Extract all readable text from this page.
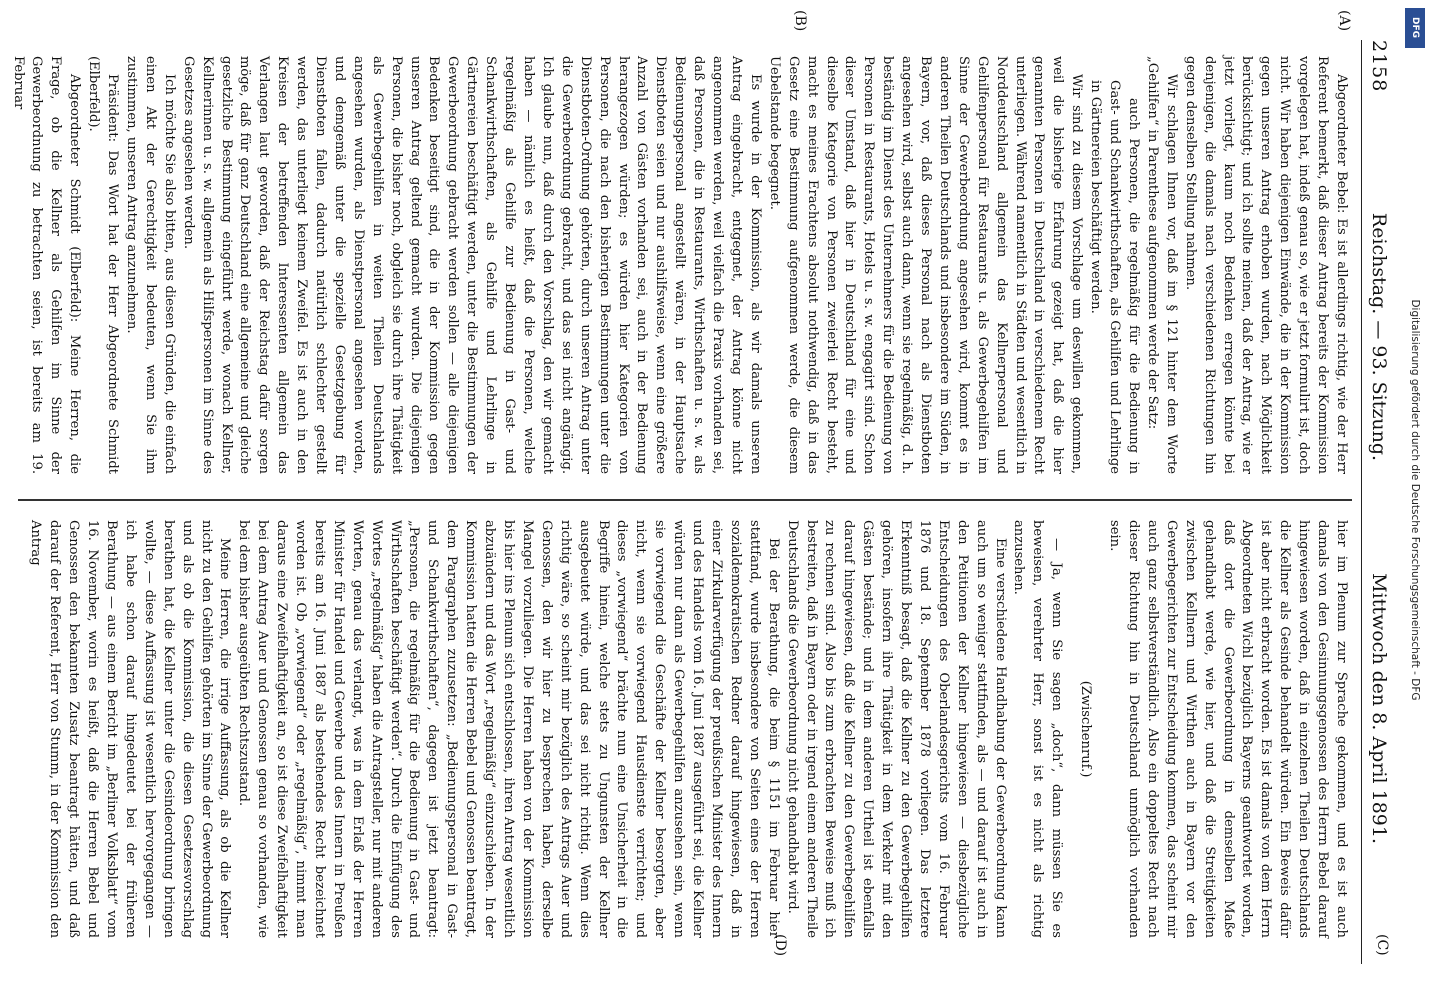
2158
Reichstag. — 93. Sitzung.
Mittwoch den 8. April 1891.
(A)
(B)
(C)
(D)

Abgeordneter Bebel: Es ist allerdings richtig, wie der Herr Referent bemerkt, daß dieser Antrag bereits der Kommission vorgelegen hat, indeß genau so, wie er jetzt formulirt ist, doch nicht. Wir haben diejenigen Einwände, die in der Kommission gegen unseren Antrag erhoben wurden, nach Möglichkeit berücksichtigt; und ich sollte meinen, daß der Antrag, wie er jetzt vorliegt, kaum noch Bedenken erregen könnte bei denjenigen, die damals nach verschiedenen Richtungen hin gegen denselben Stellung nahmen.

Wir schlagen Ihnen vor, daß im § 121 hinter dem Worte „Gehilfen“ in Parenthese aufgenommen werde der Satz:

auch Personen, die regelmäßig für die Bedienung in Gast- und Schankwirthschaften, als Gehilfen und Lehrlinge in Gärtnereien beschäftigt werden.

Wir sind zu diesem Vorschlage um deswillen gekommen, weil die bisherige Erfahrung gezeigt hat, daß die hier genannten Personen in Deutschland in verschiedenem Recht unterliegen. Während namentlich in Städten und wesentlich in Norddeutschland allgemein das Kellnerpersonal und Gehilfenpersonal für Restaurants u. als Gewerbegehilfen im Sinne der Gewerbeordnung angesehen wird, kommt es in anderen Theilen Deutschlands und insbesondere im Süden, in Bayern, vor, daß dieses Personal nach als Dienstboten angesehen wird, selbst auch dann, wenn sie regelmäßig, d. h. beständig im Dienst des Unternehmers für die Bedienung von Personen in Restaurants, Hotels u. s. w. engagirt sind. Schon dieser Umstand, daß hier in Deutschland für eine und dieselbe Kategorie von Personen zweierlei Recht besteht, macht es meines Erachtens absolut nothwendig, daß in das Gesetz eine Bestimmung aufgenommen werde, die diesem Uebelstande begegnet.

Es wurde in der Kommission, als wir damals unseren Antrag eingebracht, entgegnet, der Antrag könne nicht angenommen werden, weil vielfach die Praxis vorhanden sei, daß Personen, die in Restaurants, Wirthschaften u. s. w. als Bedienungspersonal angestellt wären, in der Hauptsache Dienstboten seien und nur aushilfsweise, wenn eine größere Anzahl von Gästen vorhanden sei, auch in der Bedienung herangezogen würden; es würden hier Kategorien von Personen, die nach den bisherigen Bestimmungen unter die Dienstboten-Ordnung gehörten, durch unseren Antrag unter die Gewerbeordnung gebracht, und das sei nicht angängig. Ich glaube nun, daß durch den Vorschlag, den wir gemacht haben — nämlich es heißt, daß die Personen, welche regelmäßig als Gehilfe zur Bedienung in Gast- und Schankwirthschaften, als Gehilfe und Lehrlinge in Gärtnereien beschäftigt werden, unter die Bestimmungen der Gewerbeordnung gebracht werden sollen — alle diejenigen Bedenken beseitigt sind, die in der Kommission gegen unseren Antrag geltend gemacht wurden. Die diejenigen Personen, die bisher noch, obgleich sie durch ihre Thätigkeit als Gewerbegehilfen in weiten Theilen Deutschlands angesehen wurden, als Dienstpersonal angesehen worden, und demgemäß unter die spezielle Gesetzgebung für Dienstboten fallen, dadurch natürlich schlechter gestellt werden, das unterliegt keinem Zweifel. Es ist auch in den Kreisen der betreffenden Interessenten allgemein das Verlangen laut geworden, daß der Reichstag dafür sorgen möge, daß für ganz Deutschland eine allgemeine und gleiche gesetzliche Bestimmung eingeführt werde, wonach Kellner, Kellnerinnen u. s. w. allgemein als Hilfspersonen im Sinne des Gesetzes angesehen werden.

Ich möchte Sie also bitten, aus diesen Gründen, die einfach einen Akt der Gerechtigkeit bedeuten, wenn Sie ihm zustimmen, unseren Antrag anzunehmen.

Präsident: Das Wort hat der Herr Abgeordnete Schmidt (Elberfeld).

Abgeordneter Schmidt (Elberfeld): Meine Herren, die Frage, ob die Kellner als Gehilfen im Sinne der Gewerbeordnung zu betrachten seien, ist bereits am 19. Februar

hier im Plenum zur Sprache gekommen, und es ist auch damals von den Gesinnungsgenossen des Herrn Bebel darauf hingewiesen worden, daß in einzelnen Theilen Deutschlands die Kellner als Gesinde behandelt würden. Ein Beweis dafür ist aber nicht erbracht worden. Es ist damals von dem Herrn Abgeordneten Wichl bezüglich Bayerns geantwortet worden, daß dort die Gewerbeordnung in demselben Maße gehandhabt werde, wie hier, und daß die Streitigkeiten zwischen Kellnern und Wirthen auch in Bayern vor den Gewerbegerichten zur Entscheidung kommen, das scheint mir auch ganz selbstverständlich. Also ein doppeltes Recht nach dieser Richtung hin in Deutschland unmöglich vorhanden sein.

(Zwischenruf.)

— Ja, wenn Sie sagen „doch“, dann müssen Sie es beweisen, verehrter Herr, sonst ist es nicht als richtig anzusehen.

Eine verschiedene Handhabung der Gewerbeordnung kann auch um so weniger stattfinden, als — und darauf ist auch in den Petitionen der Kellner hingewiesen — diesbezügliche Entscheidungen des Oberlandesgerichts vom 16. Februar 1876 und 18. September 1878 vorliegen. Das letztere Erkenntniß besagt, daß die Kellner zu den Gewerbegehilfen gehören, insofern ihre Thätigkeit in dem Verkehr mit den Gästen bestände; und in dem anderen Urtheil ist ebenfalls darauf hingewiesen, daß die Kellner zu den Gewerbegehilfen zu rechnen sind. Also bis zum erbrachten Beweise muß ich bestreiten, daß in Bayern oder in irgend einem anderen Theile Deutschlands die Gewerbeordnung nicht gehandhabt wird.

Bei der Berathung, die beim § 1151 im Februar hier stattfand, wurde insbesondere von Seiten eines der Herren sozialdemokratischen Redner darauf hingewiesen, daß in einer Zirkularverfügung der preußischen Minister des Innern und des Handels vom 16. Juni 1887 ausgeführt sei, die Kellner würden nur dann als Gewerbegehilfen anzusehen sein, wenn sie vorwiegend die Geschäfte der Kellner besorgten, aber nicht, wenn sie vorwiegend Hausdienste verrichten; und dieses „vorwiegend“ brächte nun eine Unsicherheit in die Begriffe hinein, welche stets zu Ungunsten der Kellner ausgebeutet würde, und das sei nicht richtig. Wenn dies richtig wäre, so scheint mir bezüglich des Antrags Auer und Genossen, den wir hier zu besprechen haben, derselbe Mangel vorzuliegen. Die Herren haben von der Kommission bis hier ins Plenum sich entschlossen, ihren Antrag wesentlich abzuändern und das Wort „regelmäßig“ einzuschieben. In der Kommission hatten die Herren Bebel und Genossen beantragt, dem Paragraphen zuzusetzen: „Bedienungspersonal in Gast- und Schankwirthschaften“, dagegen ist jetzt beantragt: „Personen, die regelmäßig für die Bedienung in Gast- und Wirthschaften beschäftigt werden“. Durch die Einfügung des Wortes „regelmäßig“ haben die Antragsteller, nur mit anderen Worten, genau das verlangt, was in dem Erlaß der Herren Minister für Handel und Gewerbe und des Innern in Preußen bereits am 16. Juni 1887 als bestehendes Recht bezeichnet worden ist. Ob „vorwiegend“ oder „regelmäßig“, nimmt man daraus eine Zweifelhaftigkeit an, so ist diese Zweifelhaftigkeit bei dem Antrag Auer und Genossen genau so vorhanden, wie bei dem bisher ausgeübten Rechtszustand.

Meine Herren, die irrige Auffassung, als ob die Kellner nicht zu den Gehilfen gehörten im Sinne der Gewerbeordnung und als ob die Kommission, die diesen Gesetzesvorschlag berathen hat, die Kellner unter die Gesindeordnung bringen wollte, — diese Auffassung ist wesentlich hervorgegangen — ich habe schon darauf hingedeutet bei der früheren Berathung — aus einem Bericht im „Berliner Volksblatt“ vom 16. November, worin es heißt, daß die Herren Bebel und Genossen den bekannten Zusatz beantragt hätten, und daß darauf der Referent, Herr von Stumm, in der Kommission den Antrag

DFG
Digitalisierung gefördert durch die Deutsche Forschungsgemeinschaft - DFG
